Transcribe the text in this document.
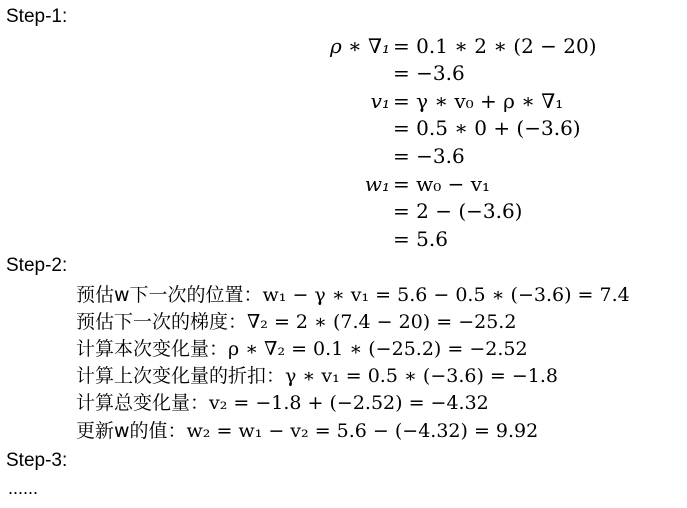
Step-1:
ρ ∗ ∇₁ = 0.1 ∗ 2 ∗ (2 − 20)
= −3.6
v₁ = γ ∗ v₀ + ρ ∗ ∇₁
= 0.5 ∗ 0 + (−3.6)
= −3.6
w₁ = w₀ − v₁
= 2 − (−3.6)
= 5.6
Step-2:
预估w下一次的位置：w₁ − γ ∗ v₁ = 5.6 − 0.5 ∗ (−3.6) = 7.4
预估下一次的梯度：∇₂ = 2 ∗ (7.4 − 20) = −25.2
计算本次变化量：ρ ∗ ∇₂ = 0.1 ∗ (−25.2) = −2.52
计算上次变化量的折扣：γ ∗ v₁ = 0.5 ∗ (−3.6) = −1.8
计算总变化量：v₂ = −1.8 + (−2.52) = −4.32
更新w的值：w₂ = w₁ − v₂ = 5.6 − (−4.32) = 9.92
Step-3:
......
